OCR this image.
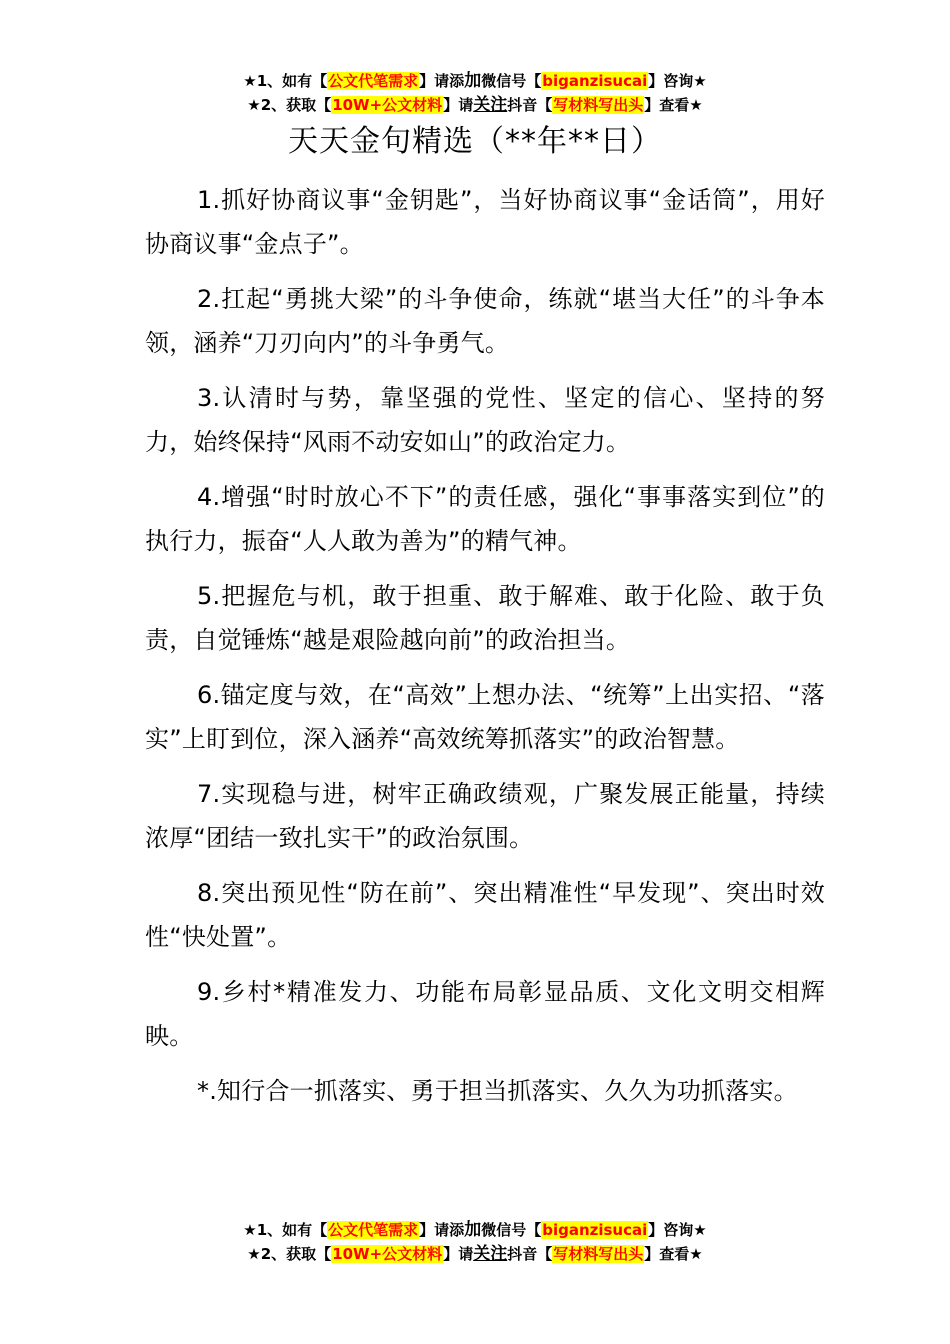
★1、如有【公文代笔需求】请添加微信号【biganzisucai】咨询★
★2、获取【10W+公文材料】请关注抖音【写材料写出头】查看★
天天金句精选（**年**日）

1.抓好协商议事“金钥匙”，当好协商议事“金话筒”，用好协商议事“金点子”。

2.扛起“勇挑大梁”的斗争使命，练就“堪当大任”的斗争本领，涵养“刀刃向内”的斗争勇气。

3.认清时与势，靠坚强的党性、坚定的信心、坚持的努力，始终保持“风雨不动安如山”的政治定力。

4.增强“时时放心不下”的责任感，强化“事事落实到位”的执行力，振奋“人人敢为善为”的精气神。

5.把握危与机，敢于担重、敢于解难、敢于化险、敢于负责，自觉锤炼“越是艰险越向前”的政治担当。

6.锚定度与效，在“高效”上想办法、“统筹”上出实招、“落实”上盯到位，深入涵养“高效统筹抓落实”的政治智慧。

7.实现稳与进，树牢正确政绩观，广聚发展正能量，持续浓厚“团结一致扎实干”的政治氛围。

8.突出预见性“防在前”、突出精准性“早发现”、突出时效性“快处置”。

9.乡村*精准发力、功能布局彰显品质、文化文明交相辉映。

*.知行合一抓落实、勇于担当抓落实、久久为功抓落实。

★1、如有【公文代笔需求】请添加微信号【biganzisucai】咨询★
★2、获取【10W+公文材料】请关注抖音【写材料写出头】查看★
